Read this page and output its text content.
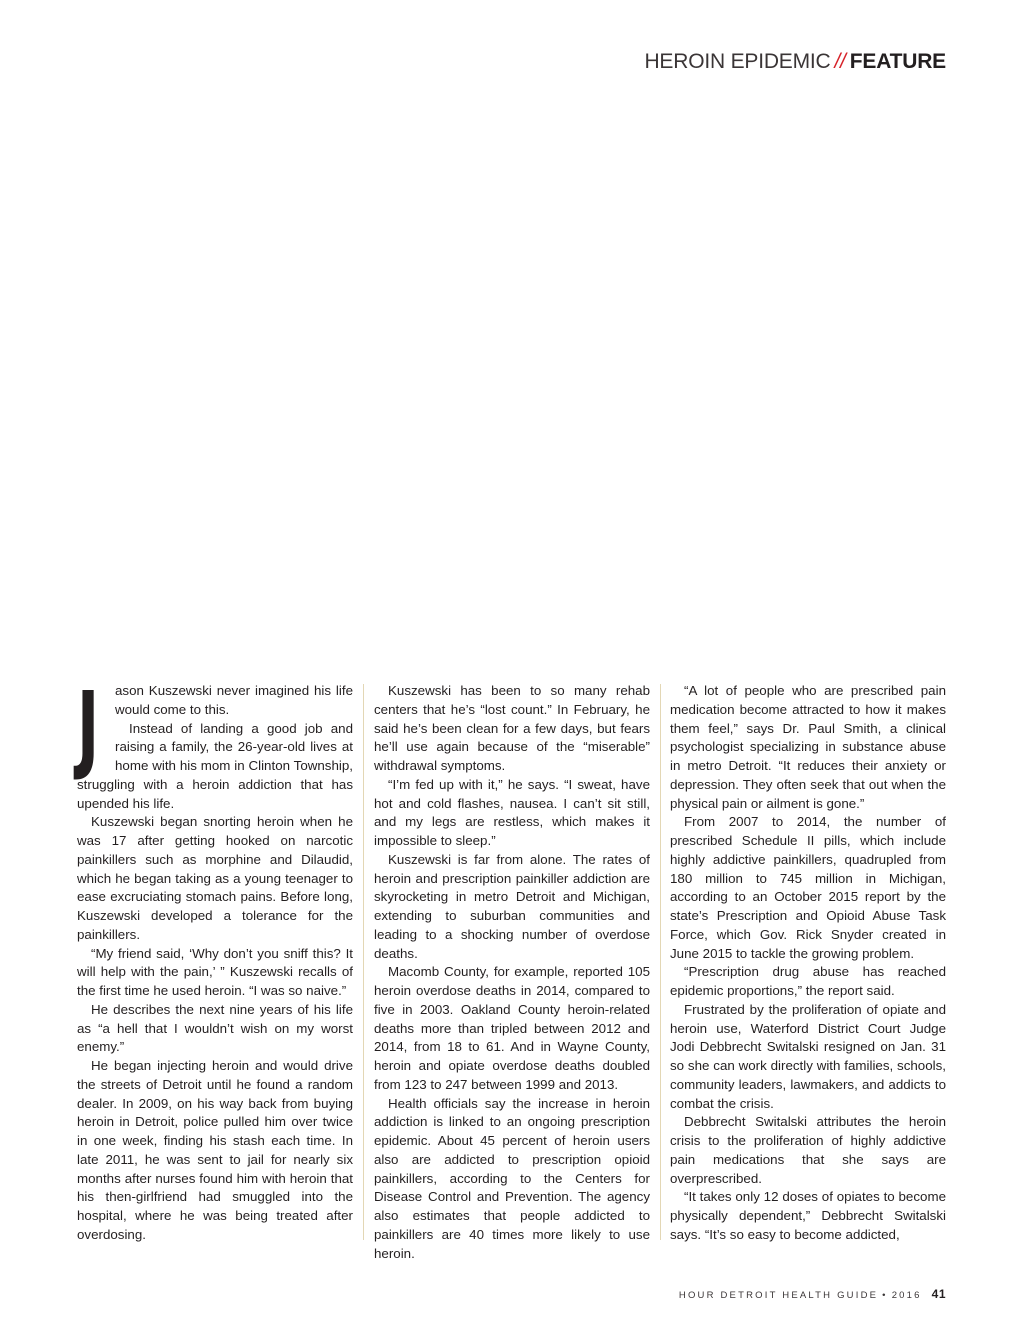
HEROIN EPIDEMIC // FEATURE
J	ason Kuszewski never imagined his life would come to this.

Instead of landing a good job and raising a family, the 26-year-old lives at home with his mom in Clinton Township, struggling with a heroin addiction that has upended his life.

Kuszewski began snorting heroin when he was 17 after getting hooked on narcotic painkillers such as morphine and Dilaudid, which he began taking as a young teenager to ease excruciating stomach pains. Before long, Kuszewski developed a tolerance for the painkillers.

“My friend said, ‘Why don’t you sniff this? It will help with the pain,’ ” Kuszewski recalls of the first time he used heroin. “I was so naive.”

He describes the next nine years of his life as “a hell that I wouldn’t wish on my worst enemy.”

He began injecting heroin and would drive the streets of Detroit until he found a random dealer. In 2009, on his way back from buying heroin in Detroit, police pulled him over twice in one week, finding his stash each time. In late 2011, he was sent to jail for nearly six months after nurses found him with heroin that his then-girlfriend had smuggled into the hospital, where he was being treated after overdosing.

Kuszewski has been to so many rehab centers that he’s “lost count.” In February, he said he’s been clean for a few days, but fears he’ll use again because of the “miserable” withdrawal symptoms.

“I’m fed up with it,” he says. “I sweat, have hot and cold flashes, nausea. I can’t sit still, and my legs are restless, which makes it impossible to sleep.”

Kuszewski is far from alone. The rates of heroin and prescription painkiller addiction are skyrocketing in metro Detroit and Michigan, extending to suburban communities and leading to a shocking number of overdose deaths.

Macomb County, for example, reported 105 heroin overdose deaths in 2014, compared to five in 2003. Oakland County heroin-related deaths more than tripled between 2012 and 2014, from 18 to 61. And in Wayne County, heroin and opiate overdose deaths doubled from 123 to 247 between 1999 and 2013.

Health officials say the increase in heroin addiction is linked to an ongoing prescription epidemic. About 45 percent of heroin users also are addicted to prescription opioid painkillers, according to the Centers for Disease Control and Prevention. The agency also estimates that people addicted to painkillers are 40 times more likely to use heroin.

“A lot of people who are prescribed pain medication become attracted to how it makes them feel,” says Dr. Paul Smith, a clinical psychologist specializing in substance abuse in metro Detroit. “It reduces their anxiety or depression. They often seek that out when the physical pain or ailment is gone.”

From 2007 to 2014, the number of prescribed Schedule II pills, which include highly addictive painkillers, quadrupled from 180 million to 745 million in Michigan, according to an October 2015 report by the state’s Prescription and Opioid Abuse Task Force, which Gov. Rick Snyder created in June 2015 to tackle the growing problem.

“Prescription drug abuse has reached epidemic proportions,” the report said.

Frustrated by the proliferation of opiate and heroin use, Waterford District Court Judge Jodi Debbrecht Switalski resigned on Jan. 31 so she can work directly with families, schools, community leaders, lawmakers, and addicts to combat the crisis.

Debbrecht Switalski attributes the heroin crisis to the proliferation of highly addictive pain medications that she says are overprescribed.

“It takes only 12 doses of opiates to become physically dependent,” Debbrecht Switalski says. “It’s so easy to become addicted,

HOUR DETROIT HEALTH GUIDE • 2016 41
